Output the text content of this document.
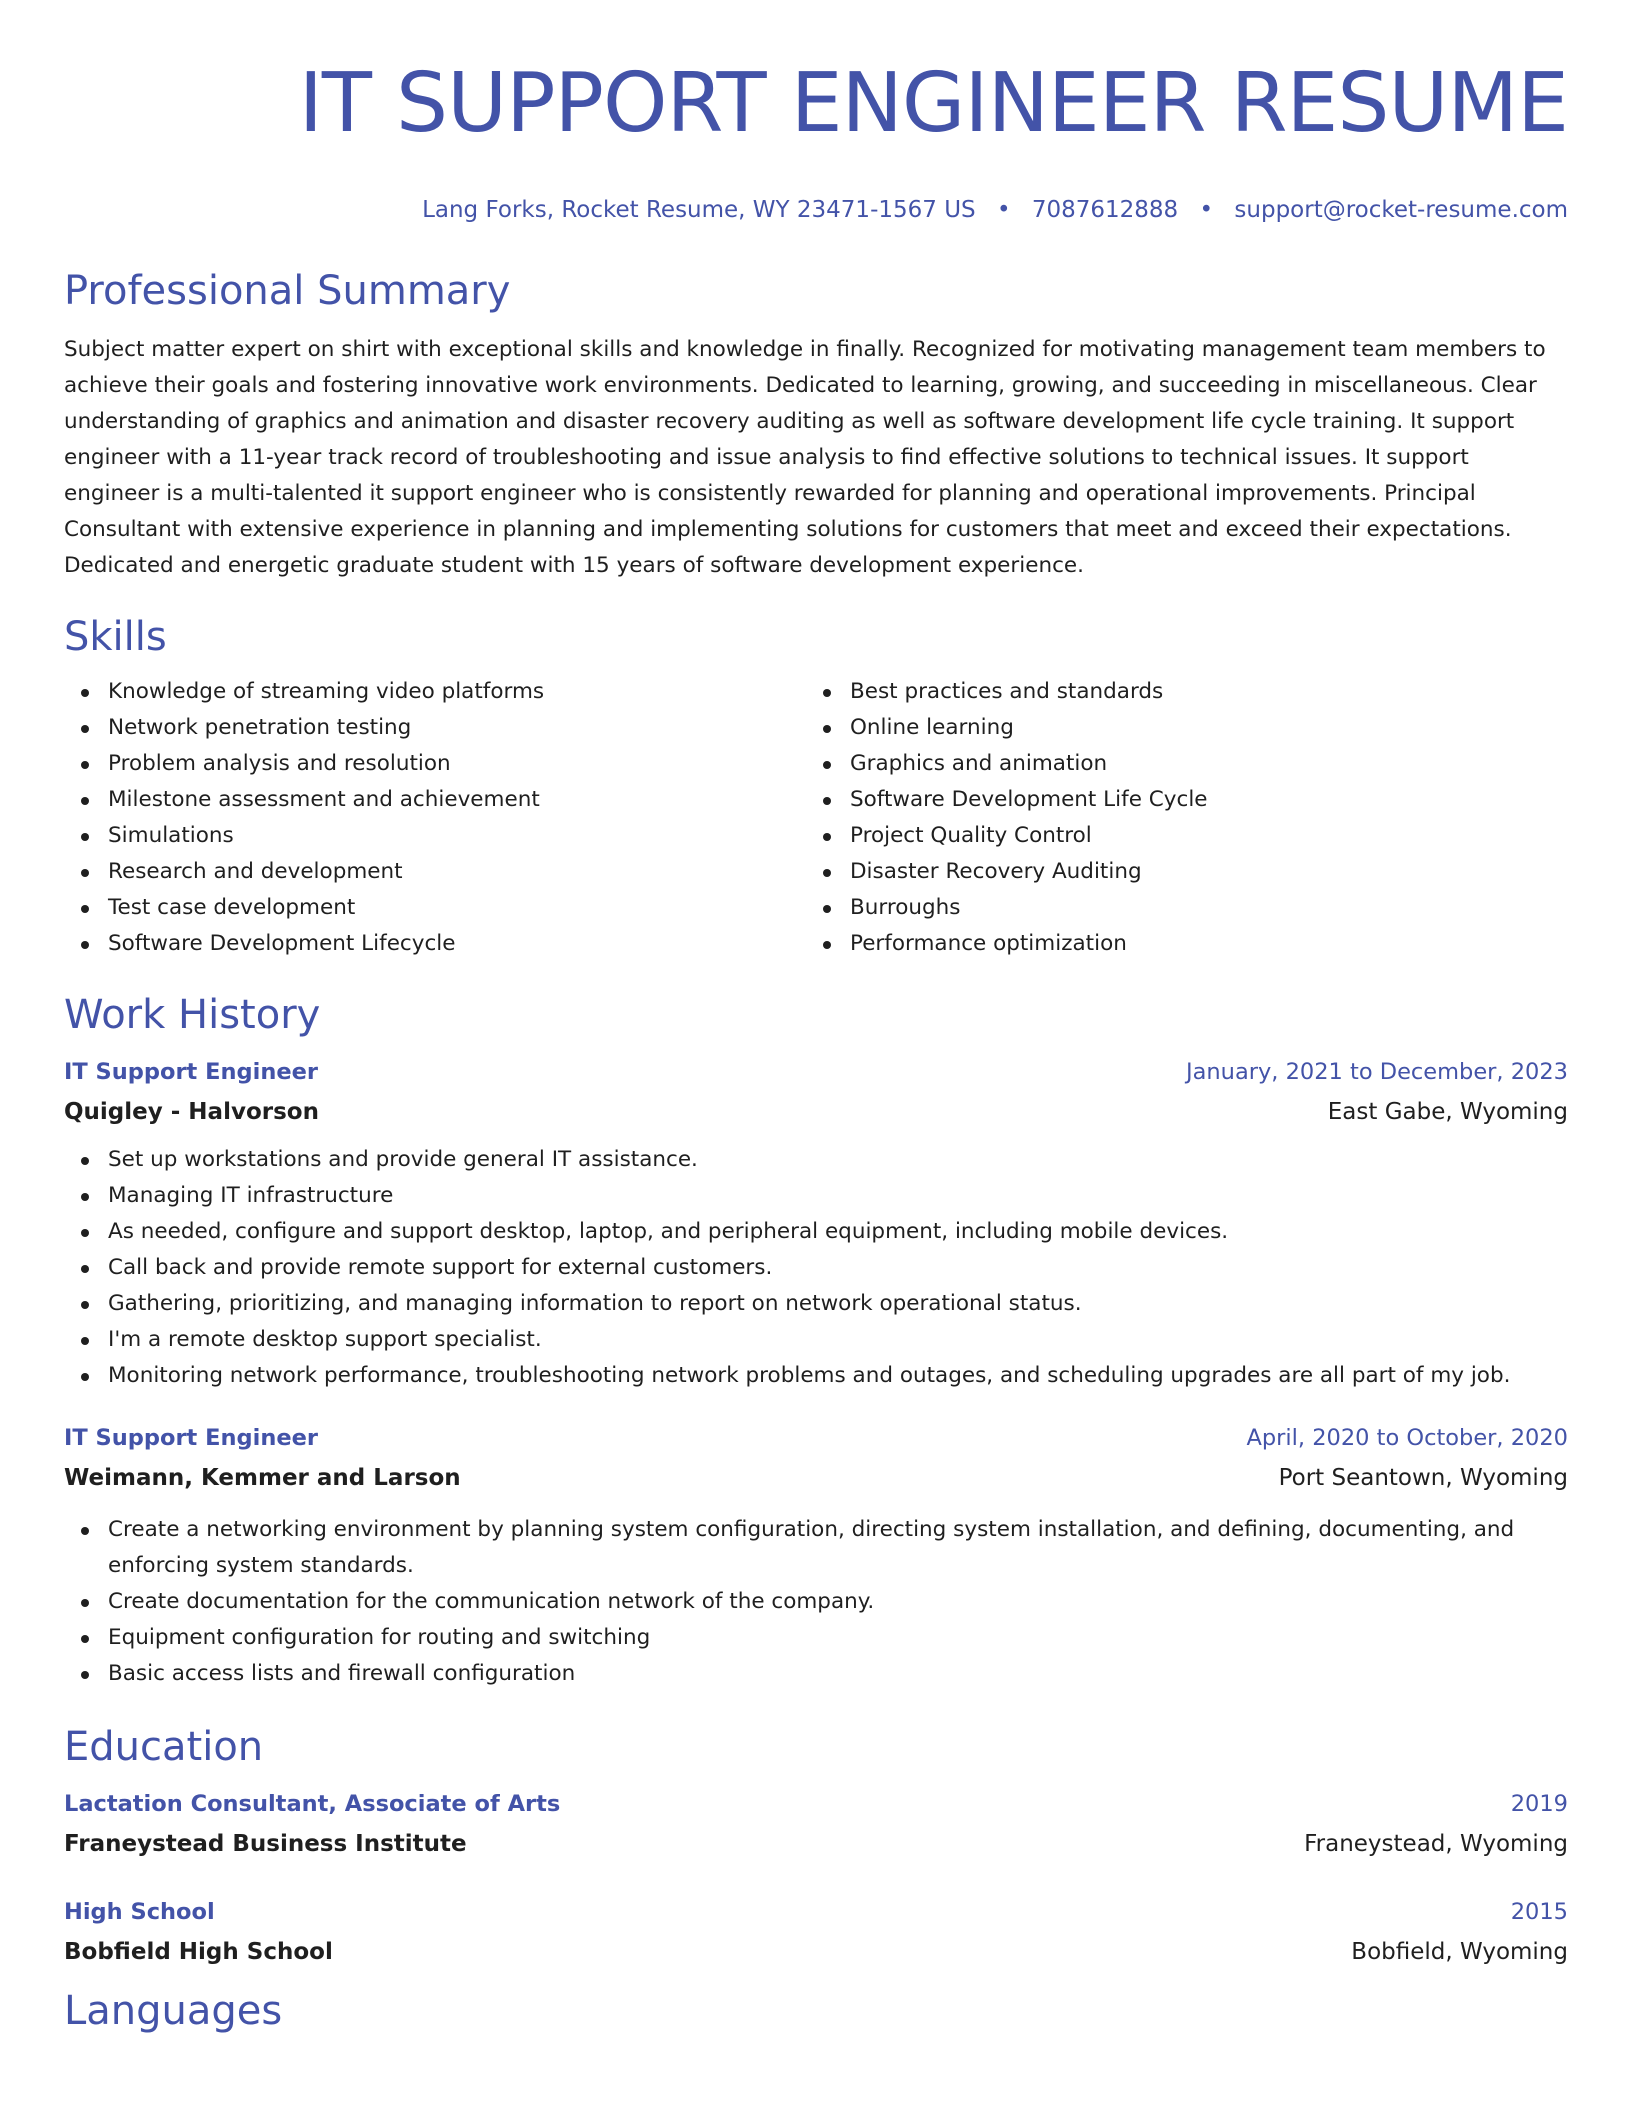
IT SUPPORT ENGINEER RESUME
Lang Forks, Rocket Resume, WY 23471-1567 US • 7087612888 • support@rocket-resume.com
Professional Summary

Subject matter expert on shirt with exceptional skills and knowledge in finally. Recognized for motivating management team members to achieve their goals and fostering innovative work environments. Dedicated to learning, growing, and succeeding in miscellaneous. Clear understanding of graphics and animation and disaster recovery auditing as well as software development life cycle training. It support engineer with a 11-year track record of troubleshooting and issue analysis to find effective solutions to technical issues. It support engineer is a multi-talented it support engineer who is consistently rewarded for planning and operational improvements. Principal Consultant with extensive experience in planning and implementing solutions for customers that meet and exceed their expectations. Dedicated and energetic graduate student with 15 years of software development experience.

Skills
Knowledge of streaming video platforms
Network penetration testing
Problem analysis and resolution
Milestone assessment and achievement
Simulations
Research and development
Test case development
Software Development Lifecycle
Best practices and standards
Online learning
Graphics and animation
Software Development Life Cycle
Project Quality Control
Disaster Recovery Auditing
Burroughs
Performance optimization
Work History
IT Support Engineer	January, 2021 to December, 2023
Quigley - Halvorson	East Gabe, Wyoming
Set up workstations and provide general IT assistance.
Managing IT infrastructure
As needed, configure and support desktop, laptop, and peripheral equipment, including mobile devices.
Call back and provide remote support for external customers.
Gathering, prioritizing, and managing information to report on network operational status.
I'm a remote desktop support specialist.
Monitoring network performance, troubleshooting network problems and outages, and scheduling upgrades are all part of my job.
IT Support Engineer	April, 2020 to October, 2020
Weimann, Kemmer and Larson	Port Seantown, Wyoming
Create a networking environment by planning system configuration, directing system installation, and defining, documenting, and enforcing system standards.
Create documentation for the communication network of the company.
Equipment configuration for routing and switching
Basic access lists and firewall configuration
Education
Lactation Consultant, Associate of Arts	2019
Franeystead Business Institute	Franeystead, Wyoming
High School	2015
Bobfield High School	Bobfield, Wyoming
Languages
